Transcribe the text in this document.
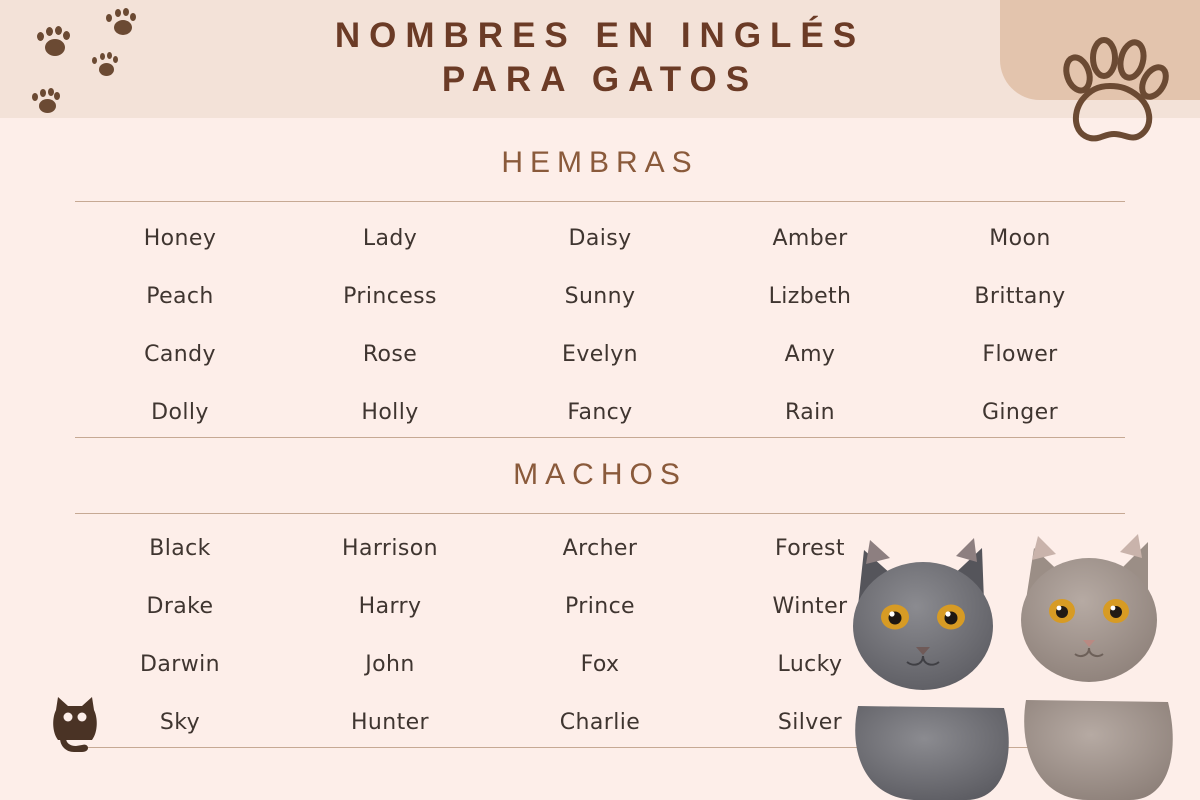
NOMBRES EN INGLÉS
PARA GATOS
HEMBRAS
Honey	Lady	Daisy	Amber	Moon
Peach	Princess	Sunny	Lizbeth	Brittany
Candy	Rose	Evelyn	Amy	Flower
Dolly	Holly	Fancy	Rain	Ginger
MACHOS
Black	Harrison	Archer	Forest
Drake	Harry	Prince	Winter
Darwin	John	Fox	Lucky
Sky	Hunter	Charlie	Silver
